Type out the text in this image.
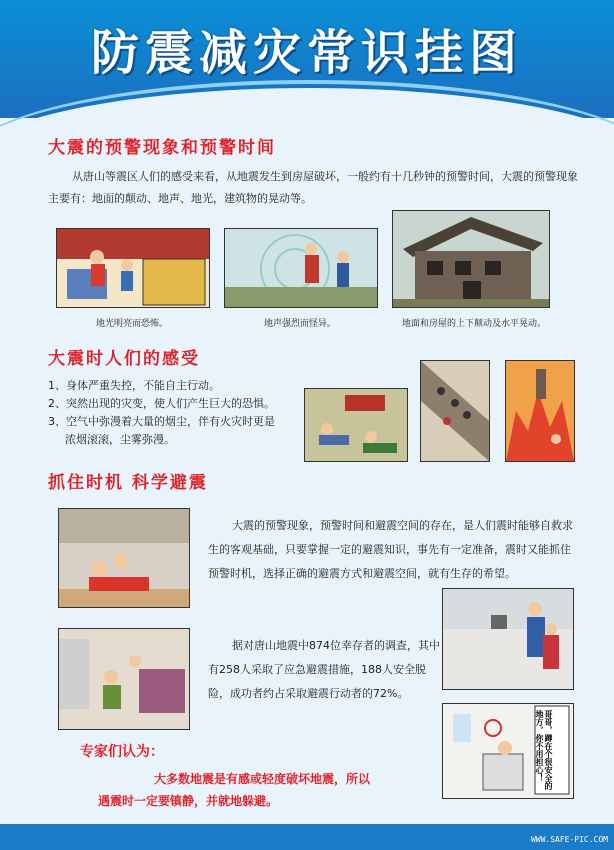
防震减灾常识挂图
大震的预警现象和预警时间
从唐山等震区人们的感受来看，从地震发生到房屋破坏，一般约有十几秒钟的预警时间，大震的预警现象主要有：地面的颠动、地声、地光，建筑物的晃动等。
地光明亮而恐怖。	地声强烈而怪异。	地面和房屋的上下颠动及水平晃动。
大震时人们的感受
1、身体严重失控，不能自主行动。
2、突然出现的灾变，使人们产生巨大的恐惧。
3、空气中弥漫着大量的烟尘，伴有火灾时更是
浓烟滚滚，尘雾弥漫。
抓住时机 科学避震
大震的预警现象，预警时间和避震空间的存在，是人们震时能够自救求生的客观基础，只要掌握一定的避震知识，事先有一定准备，震时又能抓住预警时机，选择正确的避震方式和避震空间，就有生存的希望。
据对唐山地震中874位幸存者的调查，其中有258人采取了应急避震措施，188人安全脱险，成功者约占采取避震行动者的72%。
哥哥，蹲在个很安全的地方，你不用担心！
专家们认为：
大多数地震是有感或轻度破坏地震，所以
遇震时一定要镇静，并就地躲避。
WWW.SAFE-PIC.COM
